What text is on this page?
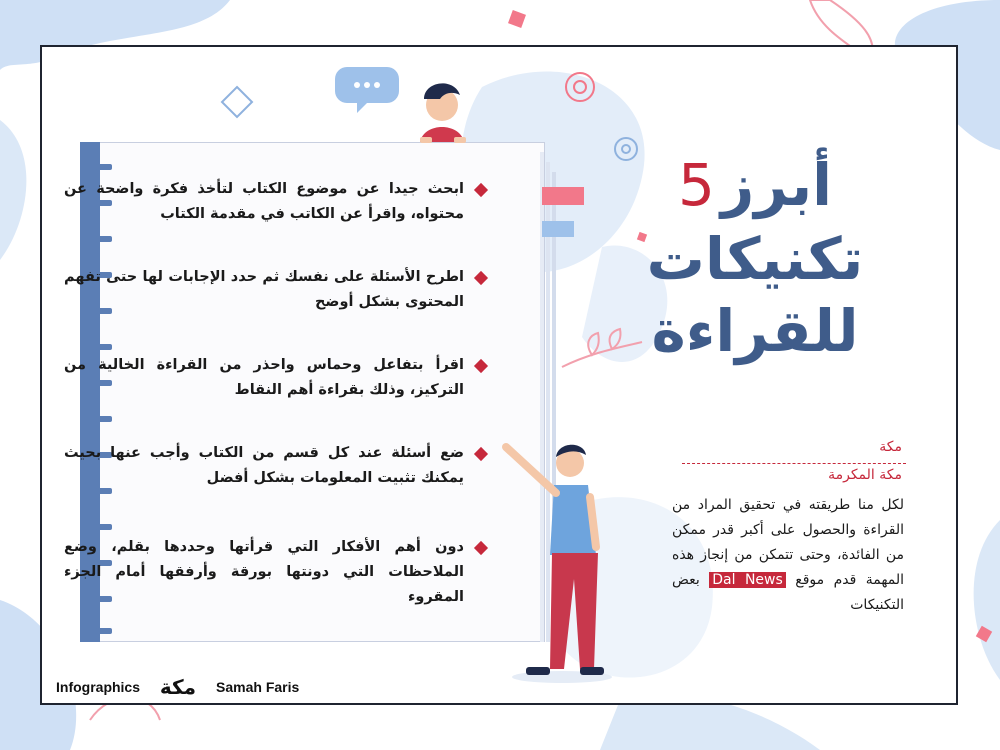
ابحث جيدا عن موضوع الكتاب لتأخذ فكرة واضحة عن محتواه، واقرأ عن الكاتب في مقدمة الكتاب
اطرح الأسئلة على نفسك ثم حدد الإجابات لها حتى تفهم المحتوى بشكل أوضح
اقرأ بتفاعل وحماس واحذر من القراءة الخالية من التركيز، وذلك بقراءة أهم النقاط
ضع أسئلة عند كل قسم من الكتاب وأجب عنها بحيث يمكنك تثبيت المعلومات بشكل أفضل
دون أهم الأفكار التي قرأتها وحددها بقلم، وضع الملاحظات التي دونتها بورقة وأرفقها أمام الجزء المقروء
أبرز5
تكنيكات
للقراءة
مكة
مكة المكرمة
لكل منا طريقته في تحقيق المراد من القراءة والحصول على أكبر قدر ممكن من الفائدة، وحتى تتمكن من إنجاز هذه المهمة قدم موقع Dal News بعض التكنيكات
Infographics مكة Samah Faris
